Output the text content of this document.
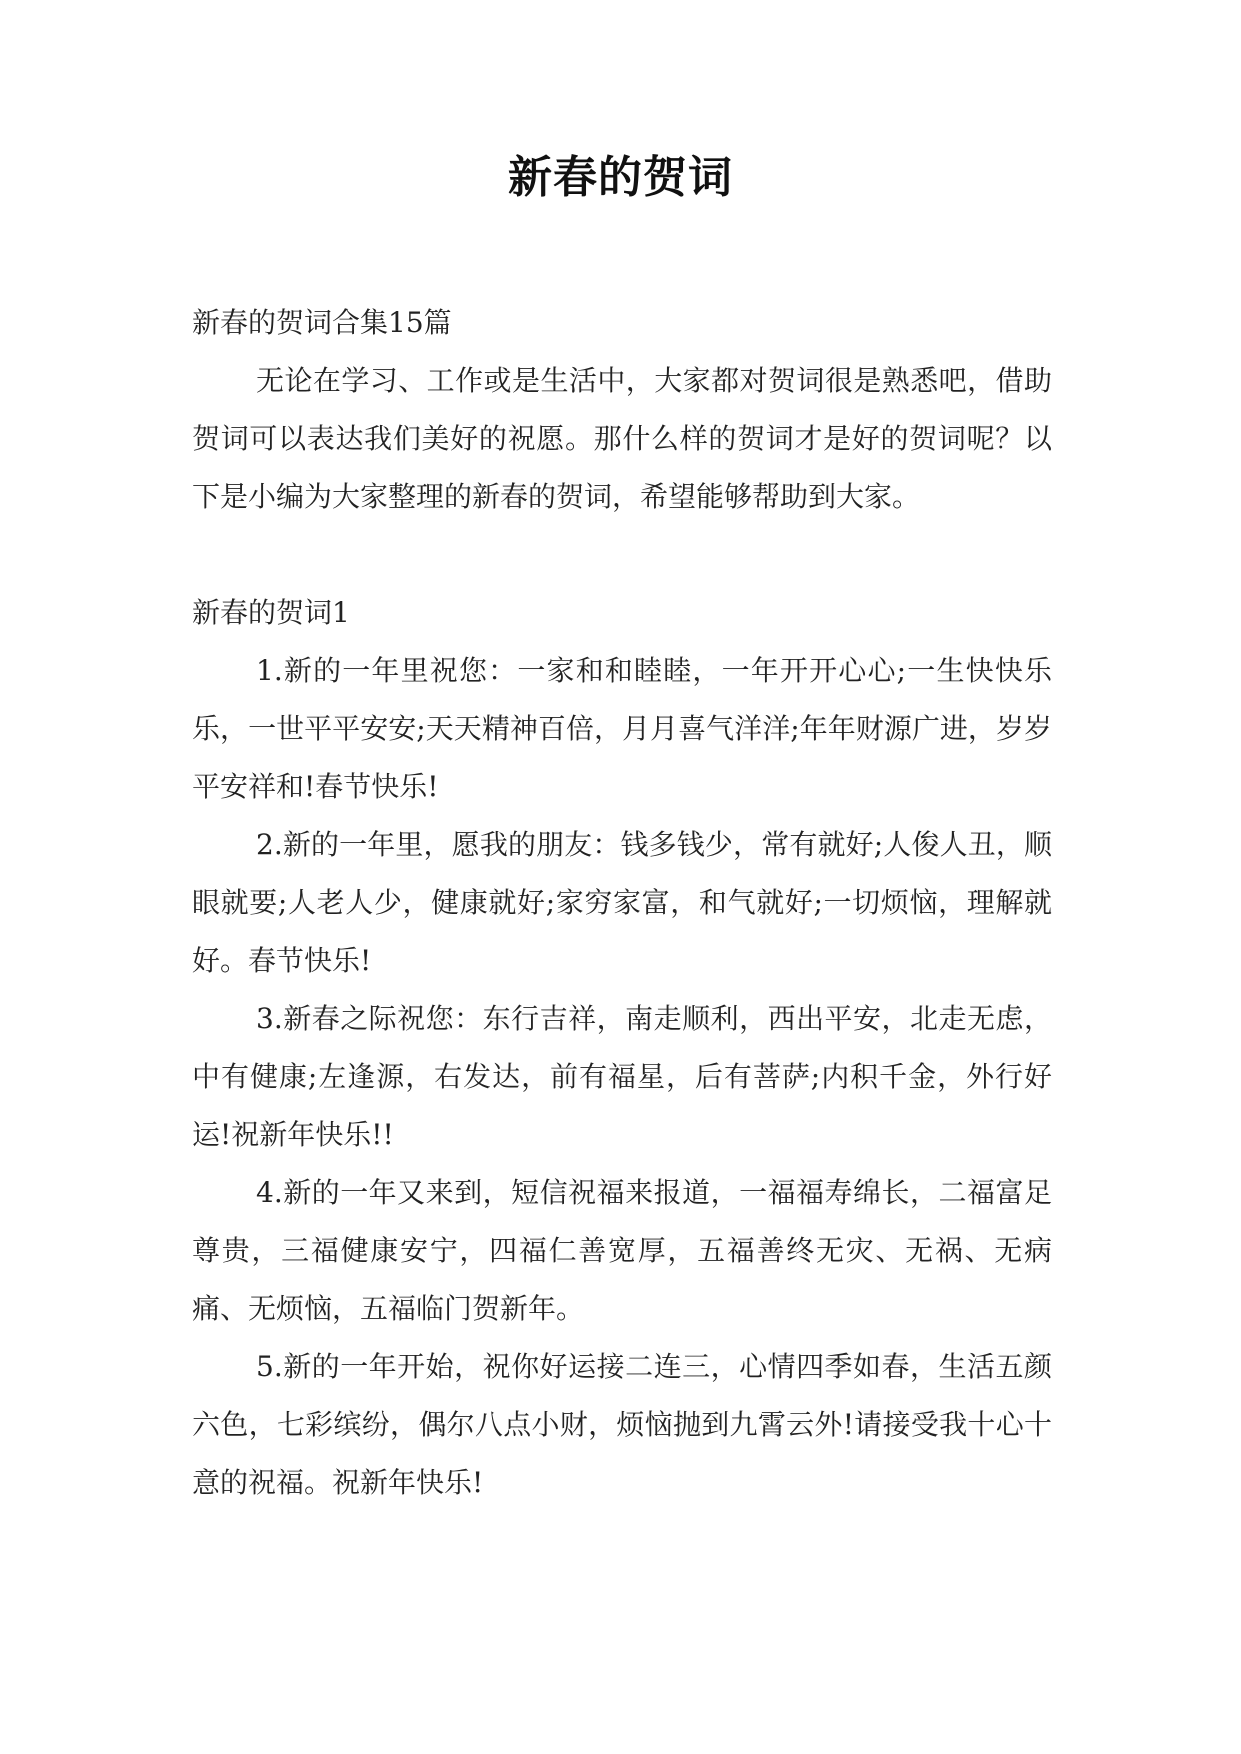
新春的贺词

新春的贺词合集15篇

无论在学习、工作或是生活中，大家都对贺词很是熟悉吧，借助贺词可以表达我们美好的祝愿。那什么样的贺词才是好的贺词呢？以下是小编为大家整理的新春的贺词，希望能够帮助到大家。

新春的贺词1

1.新的一年里祝您：一家和和睦睦，一年开开心心;一生快快乐乐，一世平平安安;天天精神百倍，月月喜气洋洋;年年财源广进，岁岁平安祥和!春节快乐!

2.新的一年里，愿我的朋友：钱多钱少，常有就好;人俊人丑，顺眼就要;人老人少，健康就好;家穷家富，和气就好;一切烦恼，理解就好。春节快乐!

3.新春之际祝您：东行吉祥，南走顺利，西出平安，北走无虑，中有健康;左逢源，右发达，前有福星，后有菩萨;内积千金，外行好运!祝新年快乐!!

4.新的一年又来到，短信祝福来报道，一福福寿绵长，二福富足尊贵，三福健康安宁，四福仁善宽厚，五福善终无灾、无祸、无病痛、无烦恼，五福临门贺新年。

5.新的一年开始，祝你好运接二连三，心情四季如春，生活五颜六色，七彩缤纷，偶尔八点小财，烦恼抛到九霄云外!请接受我十心十意的祝福。祝新年快乐!
